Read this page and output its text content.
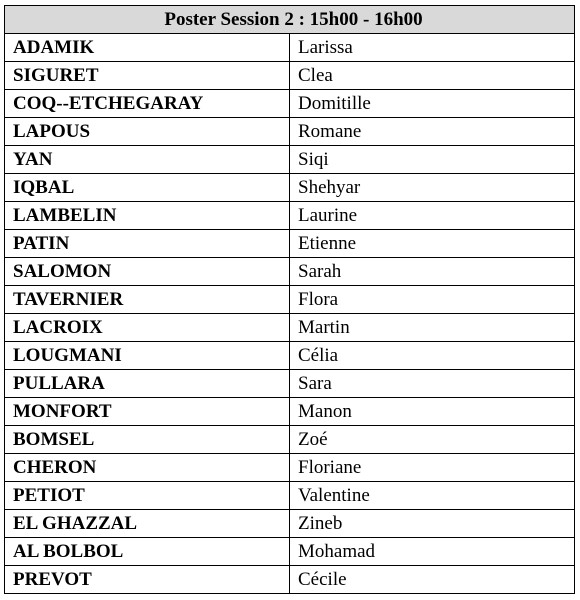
Poster Session 2 : 15h00 - 16h00	
ADAMIK	Larissa
SIGURET	Clea
COQ--ETCHEGARAY	Domitille
LAPOUS	Romane
YAN	Siqi
IQBAL	Shehyar
LAMBELIN	Laurine
PATIN	Etienne
SALOMON	Sarah
TAVERNIER	Flora
LACROIX	Martin
LOUGMANI	Célia
PULLARA	Sara
MONFORT	Manon
BOMSEL	Zoé
CHERON	Floriane
PETIOT	Valentine
EL GHAZZAL	Zineb
AL BOLBOL	Mohamad
PREVOT	Cécile
